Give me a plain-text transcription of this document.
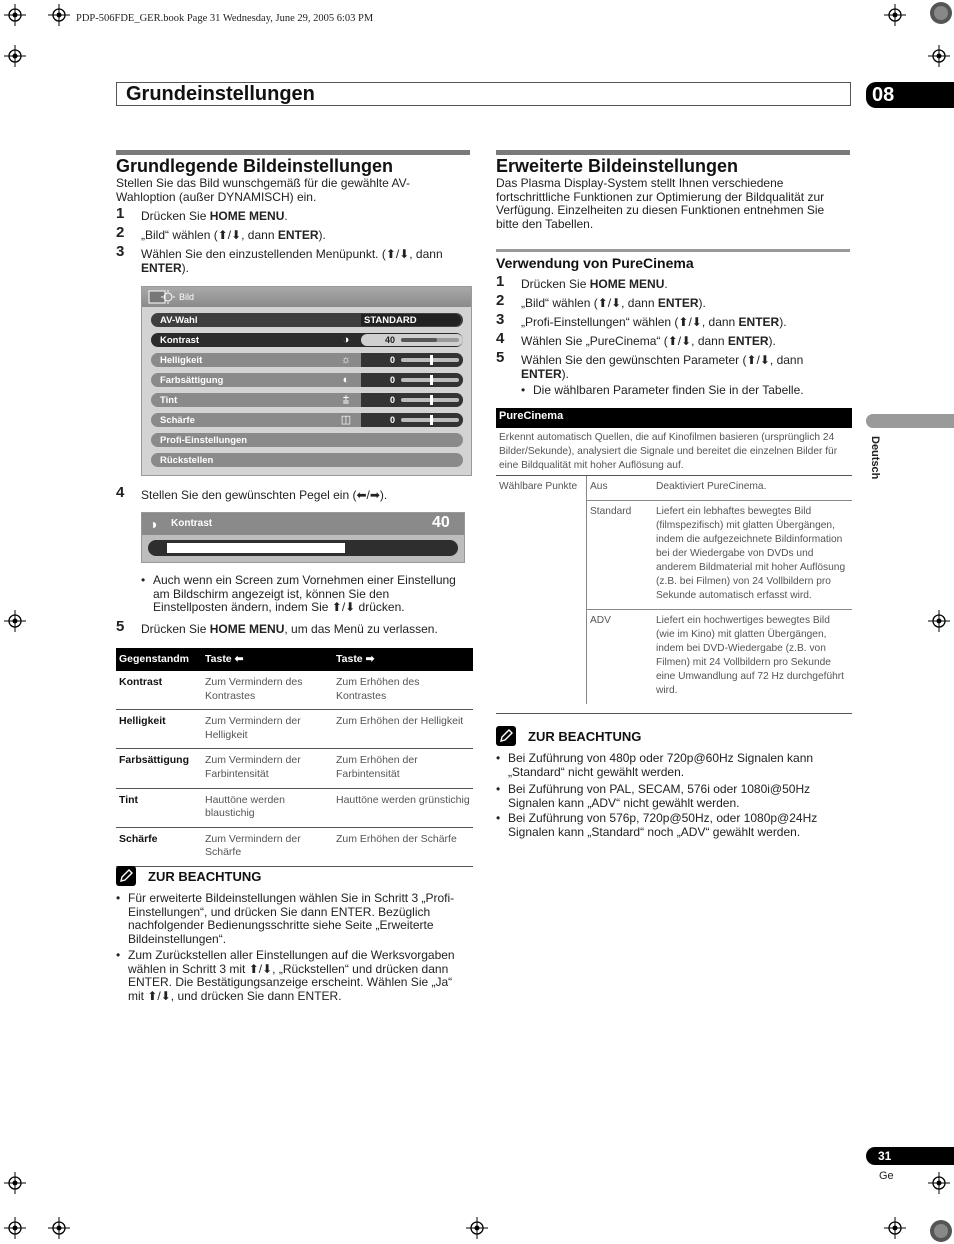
PDP-506FDE_GER.book Page 31 Wednesday, June 29, 2005 6:03 PM
Grundeinstellungen	08
Grundlegende Bildeinstellungen
Stellen Sie das Bild wunschgemäß für die gewählte AV-Wahloption (außer DYNAMISCH) ein.
1 Drücken Sie HOME MENU.
2 „Bild“ wählen (⬆/⬇, dann ENTER).
3 Wählen Sie den einzustellenden Menüpunkt. (⬆/⬇, dann ENTER).
Bild
AV-Wahl	STANDARD
Kontrast	◑	40
Helligkeit	☼	0
Farbsättigung	◐	0
Tint	⩲	0
Schärfe	◫	0
Profi-Einstellungen
Rückstellen
4 Stellen Sie den gewünschten Pegel ein (⬅/➡).
◑ Kontrast	40
• Auch wenn ein Screen zum Vornehmen einer Einstellung am Bildschirm angezeigt ist, können Sie den Einstellposten ändern, indem Sie ⬆/⬇ drücken.
5 Drücken Sie HOME MENU, um das Menü zu verlassen.
Gegenstandm	Taste ⬅	Taste ➡
Kontrast	Zum Vermindern des Kontrastes	Zum Erhöhen des Kontrastes
Helligkeit	Zum Vermindern der Helligkeit	Zum Erhöhen der Helligkeit
Farbsättigung	Zum Vermindern der Farbintensität	Zum Erhöhen der Farbintensität
Tint	Hauttöne werden blaustichig	Hauttöne werden grünstichig
Schärfe	Zum Vermindern der Schärfe	Zum Erhöhen der Schärfe
ZUR BEACHTUNG
• Für erweiterte Bildeinstellungen wählen Sie in Schritt 3 „Profi-Einstellungen“, und drücken Sie dann ENTER. Bezüglich nachfolgender Bedienungsschritte siehe Seite „Erweiterte Bildeinstellungen“.
• Zum Zurückstellen aller Einstellungen auf die Werksvorgaben wählen in Schritt 3 mit ⬆/⬇, „Rückstellen“ und drücken dann ENTER. Die Bestätigungsanzeige erscheint. Wählen Sie „Ja“ mit ⬆/⬇, und drücken Sie dann ENTER.
Erweiterte Bildeinstellungen
Das Plasma Display-System stellt Ihnen verschiedene fortschrittliche Funktionen zur Optimierung der Bildqualität zur Verfügung. Einzelheiten zu diesen Funktionen entnehmen Sie bitte den Tabellen.
Verwendung von PureCinema
1 Drücken Sie HOME MENU.
2 „Bild“ wählen (⬆/⬇, dann ENTER).
3 „Profi-Einstellungen“ wählen (⬆/⬇, dann ENTER).
4 Wählen Sie „PureCinema“ (⬆/⬇, dann ENTER).
5 Wählen Sie den gewünschten Parameter (⬆/⬇, dann ENTER).
• Die wählbaren Parameter finden Sie in der Tabelle.
PureCinema
Erkennt automatisch Quellen, die auf Kinofilmen basieren (ursprünglich 24 Bilder/Sekunde), analysiert die Signale und bereitet die einzelnen Bilder für eine Bildqualität mit hoher Auflösung auf.
Wählbare Punkte	Aus	Deaktiviert PureCinema.
	Standard	Liefert ein lebhaftes bewegtes Bild (filmspezifisch) mit glatten Übergängen, indem die aufgezeichnete Bildinformation bei der Wiedergabe von DVDs und anderem Bildmaterial mit hoher Auflösung (z.B. bei Filmen) von 24 Vollbildern pro Sekunde automatisch erfasst wird.
	ADV	Liefert ein hochwertiges bewegtes Bild (wie im Kino) mit glatten Übergängen, indem bei DVD-Wiedergabe (z.B. von Filmen) mit 24 Vollbildern pro Sekunde eine Umwandlung auf 72 Hz durchgeführt wird.
ZUR BEACHTUNG
• Bei Zuführung von 480p oder 720p@60Hz Signalen kann „Standard“ nicht gewählt werden.
• Bei Zuführung von PAL, SECAM, 576i oder 1080i@50Hz Signalen kann „ADV“ nicht gewählt werden.
• Bei Zuführung von 576p, 720p@50Hz, oder 1080p@24Hz Signalen kann „Standard“ noch „ADV“ gewählt werden.
Deutsch
31
Ge
